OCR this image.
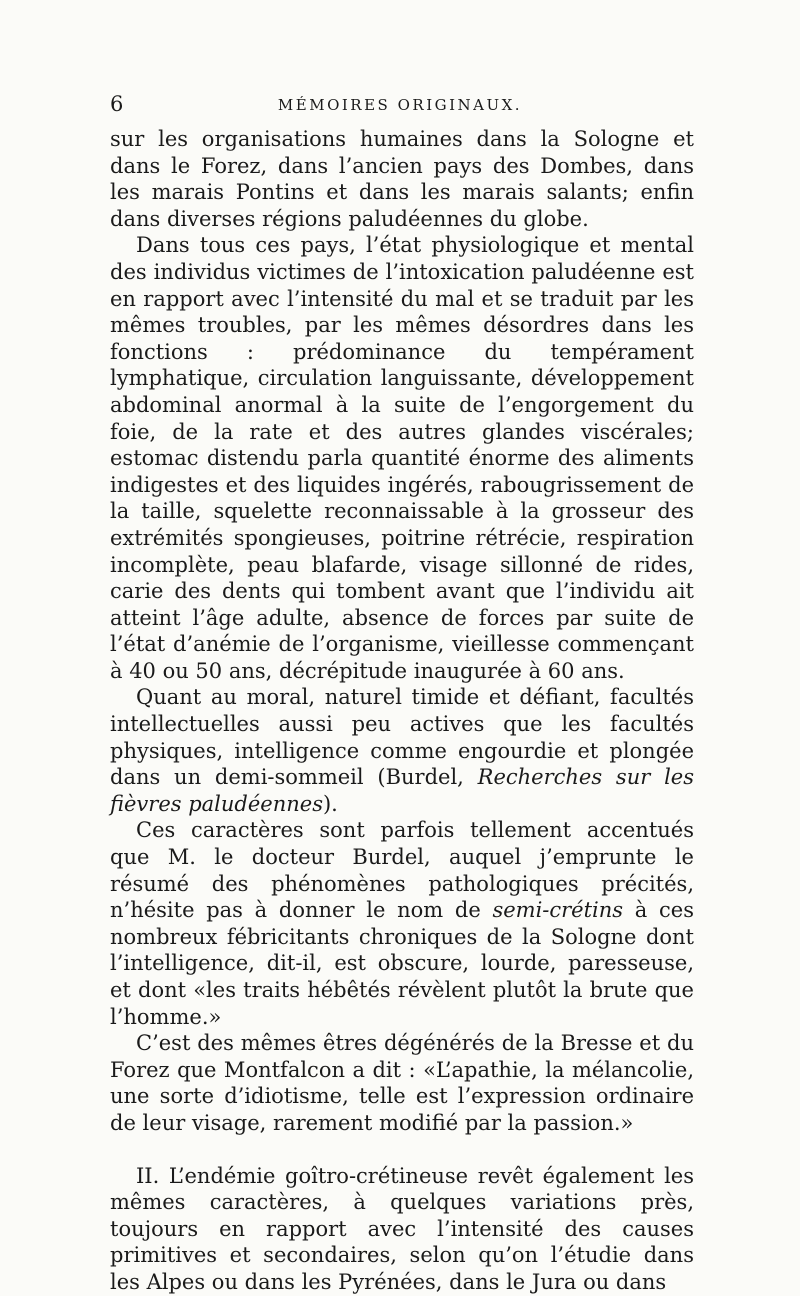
6	MÉMOIRES ORIGINAUX.

sur les organisations humaines dans la Sologne et dans le Forez, dans l’ancien pays des Dombes, dans les marais Pontins et dans les marais salants; enfin dans diverses régions paludéennes du globe.

Dans tous ces pays, l’état physiologique et mental des individus victimes de l’intoxication paludéenne est en rapport avec l’intensité du mal et se traduit par les mêmes troubles, par les mêmes désordres dans les fonctions : prédominance du tempérament lymphatique, circulation languissante, développement abdominal anormal à la suite de l’engorgement du foie, de la rate et des autres glandes viscérales; estomac distendu parla quantité énorme des aliments indigestes et des liquides ingérés, rabougrissement de la taille, squelette reconnaissable à la grosseur des extrémités spongieuses, poitrine rétrécie, respiration incomplète, peau blafarde, visage sillonné de rides, carie des dents qui tombent avant que l’individu ait atteint l’âge adulte, absence de forces par suite de l’état d’anémie de l’organisme, vieillesse commençant à 40 ou 50 ans, décrépitude inaugurée à 60 ans.

Quant au moral, naturel timide et défiant, facultés intellectuelles aussi peu actives que les facultés physiques, intelligence comme engourdie et plongée dans un demi-sommeil (Burdel, Recherches sur les fièvres paludéennes).

Ces caractères sont parfois tellement accentués que M. le docteur Burdel, auquel j’emprunte le résumé des phénomènes pathologiques précités, n’hésite pas à donner le nom de semi-crétins à ces nombreux fébricitants chroniques de la Sologne dont l’intelligence, dit-il, est obscure, lourde, paresseuse, et dont «les traits hébêtés révèlent plutôt la brute que l’homme.»

C’est des mêmes êtres dégénérés de la Bresse et du Forez que Montfalcon a dit : «L’apathie, la mélancolie, une sorte d’idiotisme, telle est l’expression ordinaire de leur visage, rarement modifié par la passion.»

II. L’endémie goîtro-crétineuse revêt également les mêmes caractères, à quelques variations près, toujours en rapport avec l’intensité des causes primitives et secondaires, selon qu’on l’étudie dans les Alpes ou dans les Pyrénées, dans le Jura ou dans
